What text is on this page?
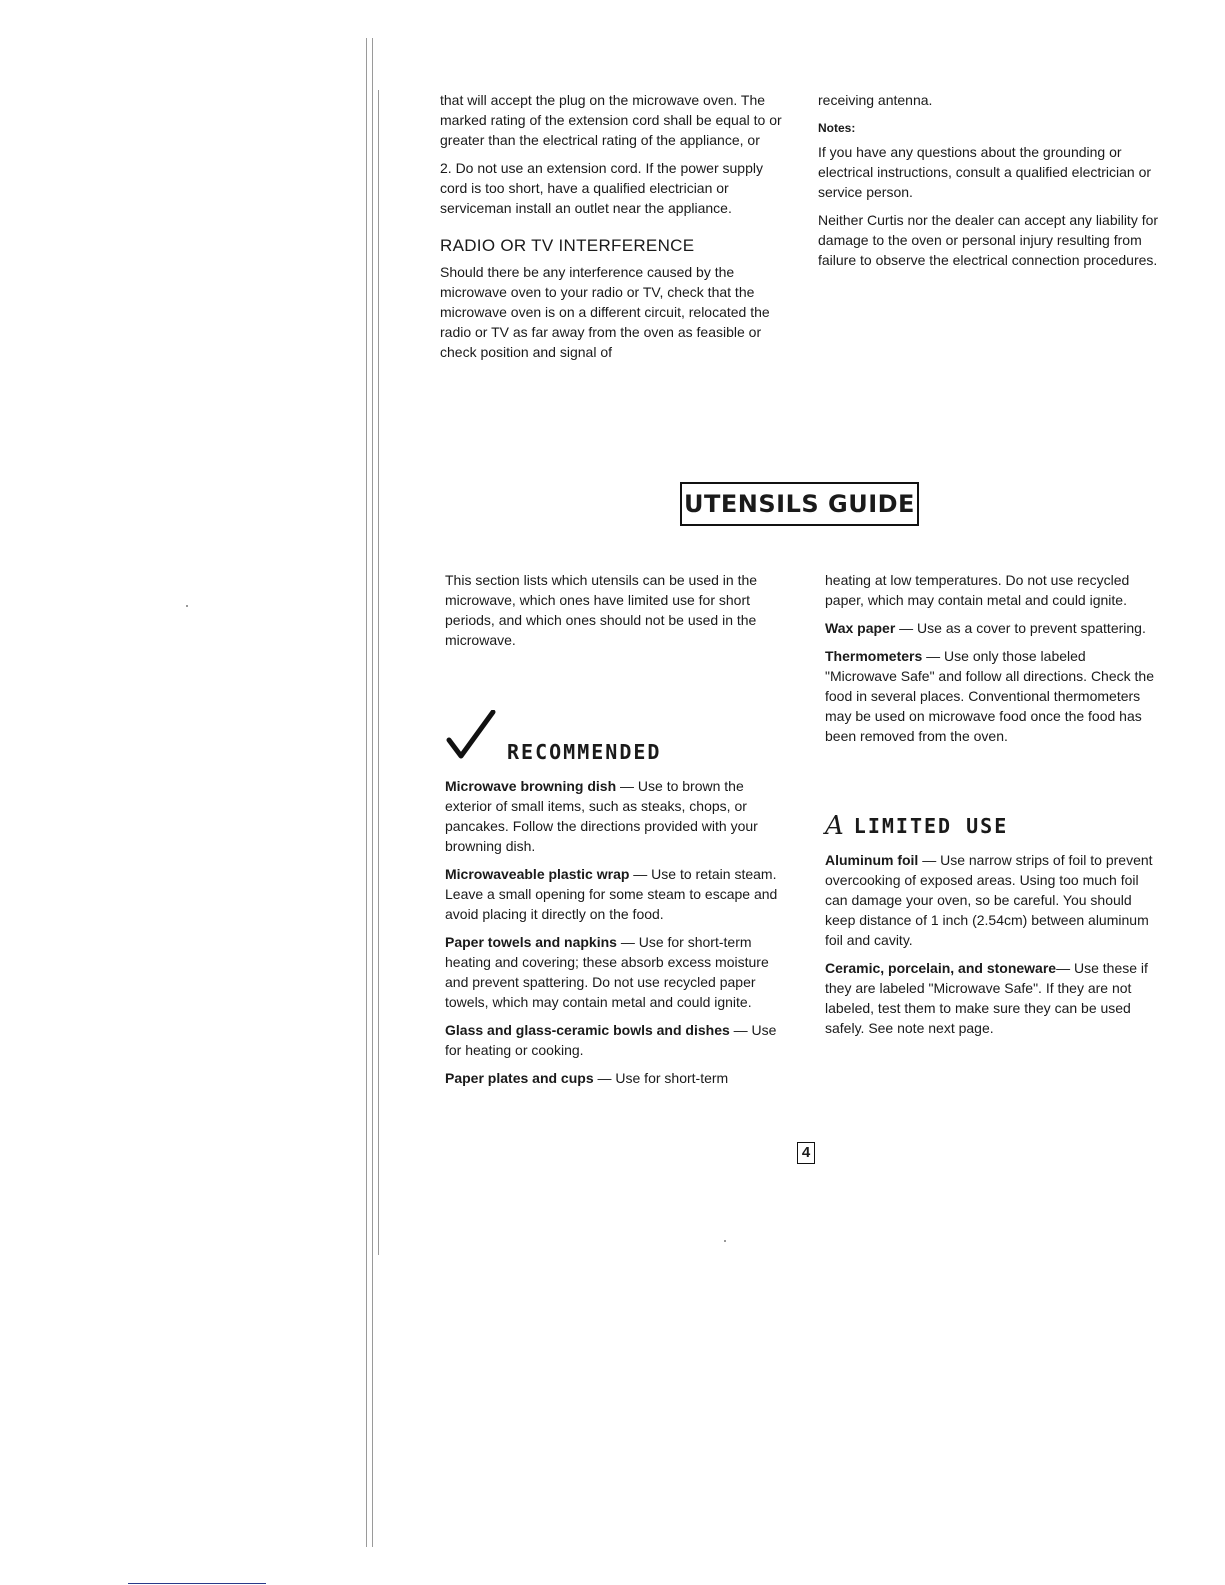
that will accept the plug on the microwave oven. The marked rating of the extension cord shall be equal to or greater than the electrical rating of the appliance, or

2. Do not use an extension cord. If the power supply cord is too short, have a qualified electrician or serviceman install an outlet near the appliance.

RADIO OR TV INTERFERENCE

Should there be any interference caused by the microwave oven to your radio or TV, check that the microwave oven is on a different circuit, relocated the radio or TV as far away from the oven as feasible or check position and signal of

receiving antenna.

Notes:

If you have any questions about the grounding or electrical instructions, consult a qualified electrician or service person.

Neither Curtis nor the dealer can accept any liability for damage to the oven or personal injury resulting from failure to observe the electrical connection procedures.

UTENSILS GUIDE

This section lists which utensils can be used in the microwave, which ones have limited use for short periods, and which ones should not be used in the microwave.

RECOMMENDED

Microwave browning dish — Use to brown the exterior of small items, such as steaks, chops, or pancakes. Follow the directions provided with your browning dish.

Microwaveable plastic wrap — Use to retain steam. Leave a small opening for some steam to escape and avoid placing it directly on the food.

Paper towels and napkins — Use for short-term heating and covering; these absorb excess moisture and prevent spattering. Do not use recycled paper towels, which may contain metal and could ignite.

Glass and glass-ceramic bowls and dishes — Use for heating or cooking.

Paper plates and cups — Use for short-term

heating at low temperatures. Do not use recycled paper, which may contain metal and could ignite.

Wax paper — Use as a cover to prevent spattering.

Thermometers — Use only those labeled "Microwave Safe" and follow all directions. Check the food in several places. Conventional thermometers may be used on microwave food once the food has been removed from the oven.

A LIMITED USE

Aluminum foil — Use narrow strips of foil to prevent overcooking of exposed areas. Using too much foil can damage your oven, so be careful. You should keep distance of 1 inch (2.54cm) between aluminum foil and cavity.

Ceramic, porcelain, and stoneware— Use these if they are labeled "Microwave Safe". If they are not labeled, test them to make sure they can be used safely. See note next page.

4
